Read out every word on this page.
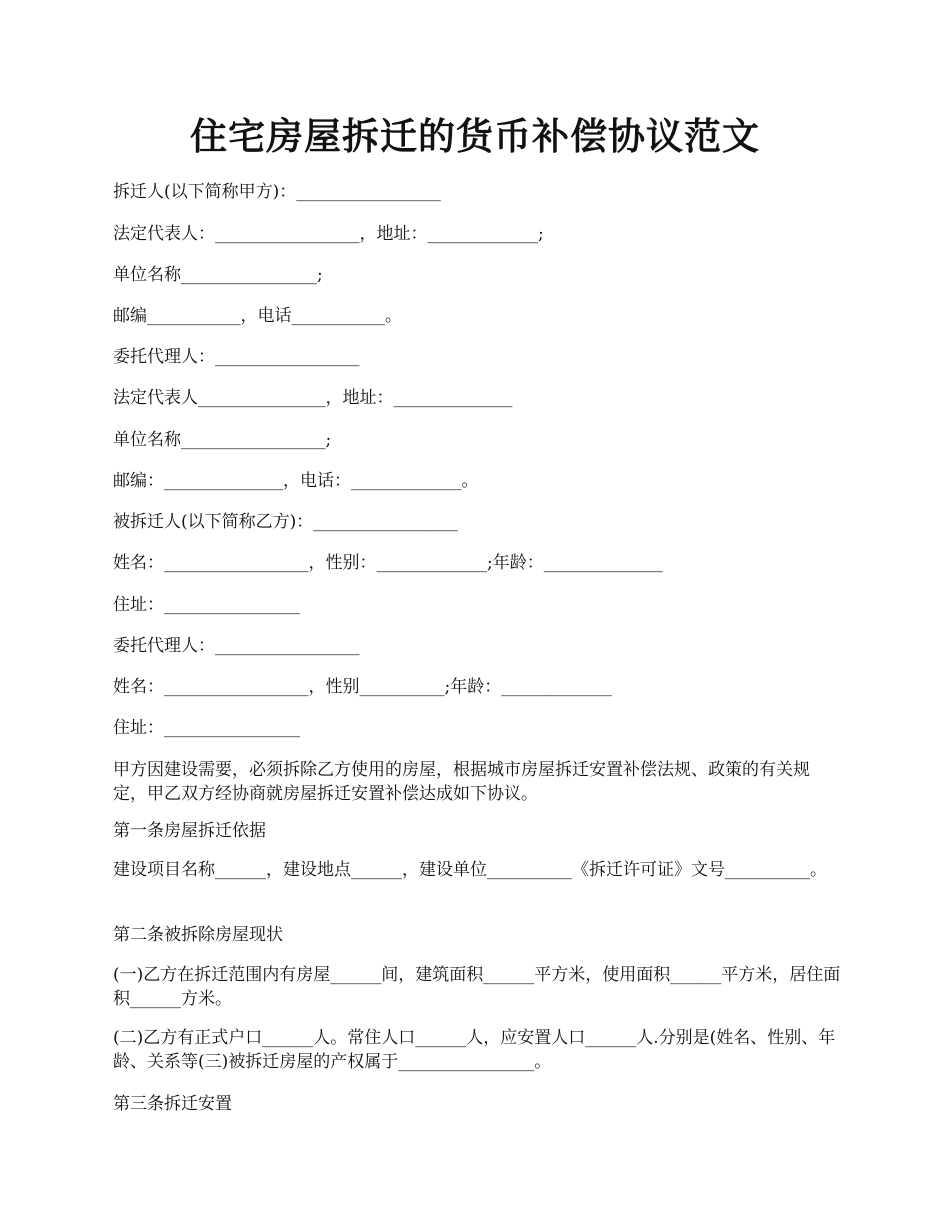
住宅房屋拆迁的货币补偿协议范文
拆迁人(以下简称甲方)：_________________
法定代表人：_________________，地址：_____________;
单位名称________________;
邮编___________，电话___________。
委托代理人：_________________
法定代表人_______________，地址：______________
单位名称_________________;
邮编：______________，电话：_____________。
被拆迁人(以下简称乙方)：_________________
姓名：_________________，性别：_____________;年龄：______________
住址：________________
委托代理人：_________________
姓名：_________________，性别__________;年龄：_____________
住址：________________
甲方因建设需要，必须拆除乙方使用的房屋，根据城市房屋拆迁安置补偿法规、政策的有关规定，甲乙双方经协商就房屋拆迁安置补偿达成如下协议。
第一条房屋拆迁依据
建设项目名称______，建设地点______，建设单位__________《拆迁许可证》文号__________。
第二条被拆除房屋现状
(一)乙方在拆迁范围内有房屋______间，建筑面积______平方米，使用面积______平方米，居住面积______方米。
(二)乙方有正式户口______人。常住人口______人，应安置人口______人.分别是(姓名、性别、年龄、关系等(三)被拆迁房屋的产权属于________________。
第三条拆迁安置
